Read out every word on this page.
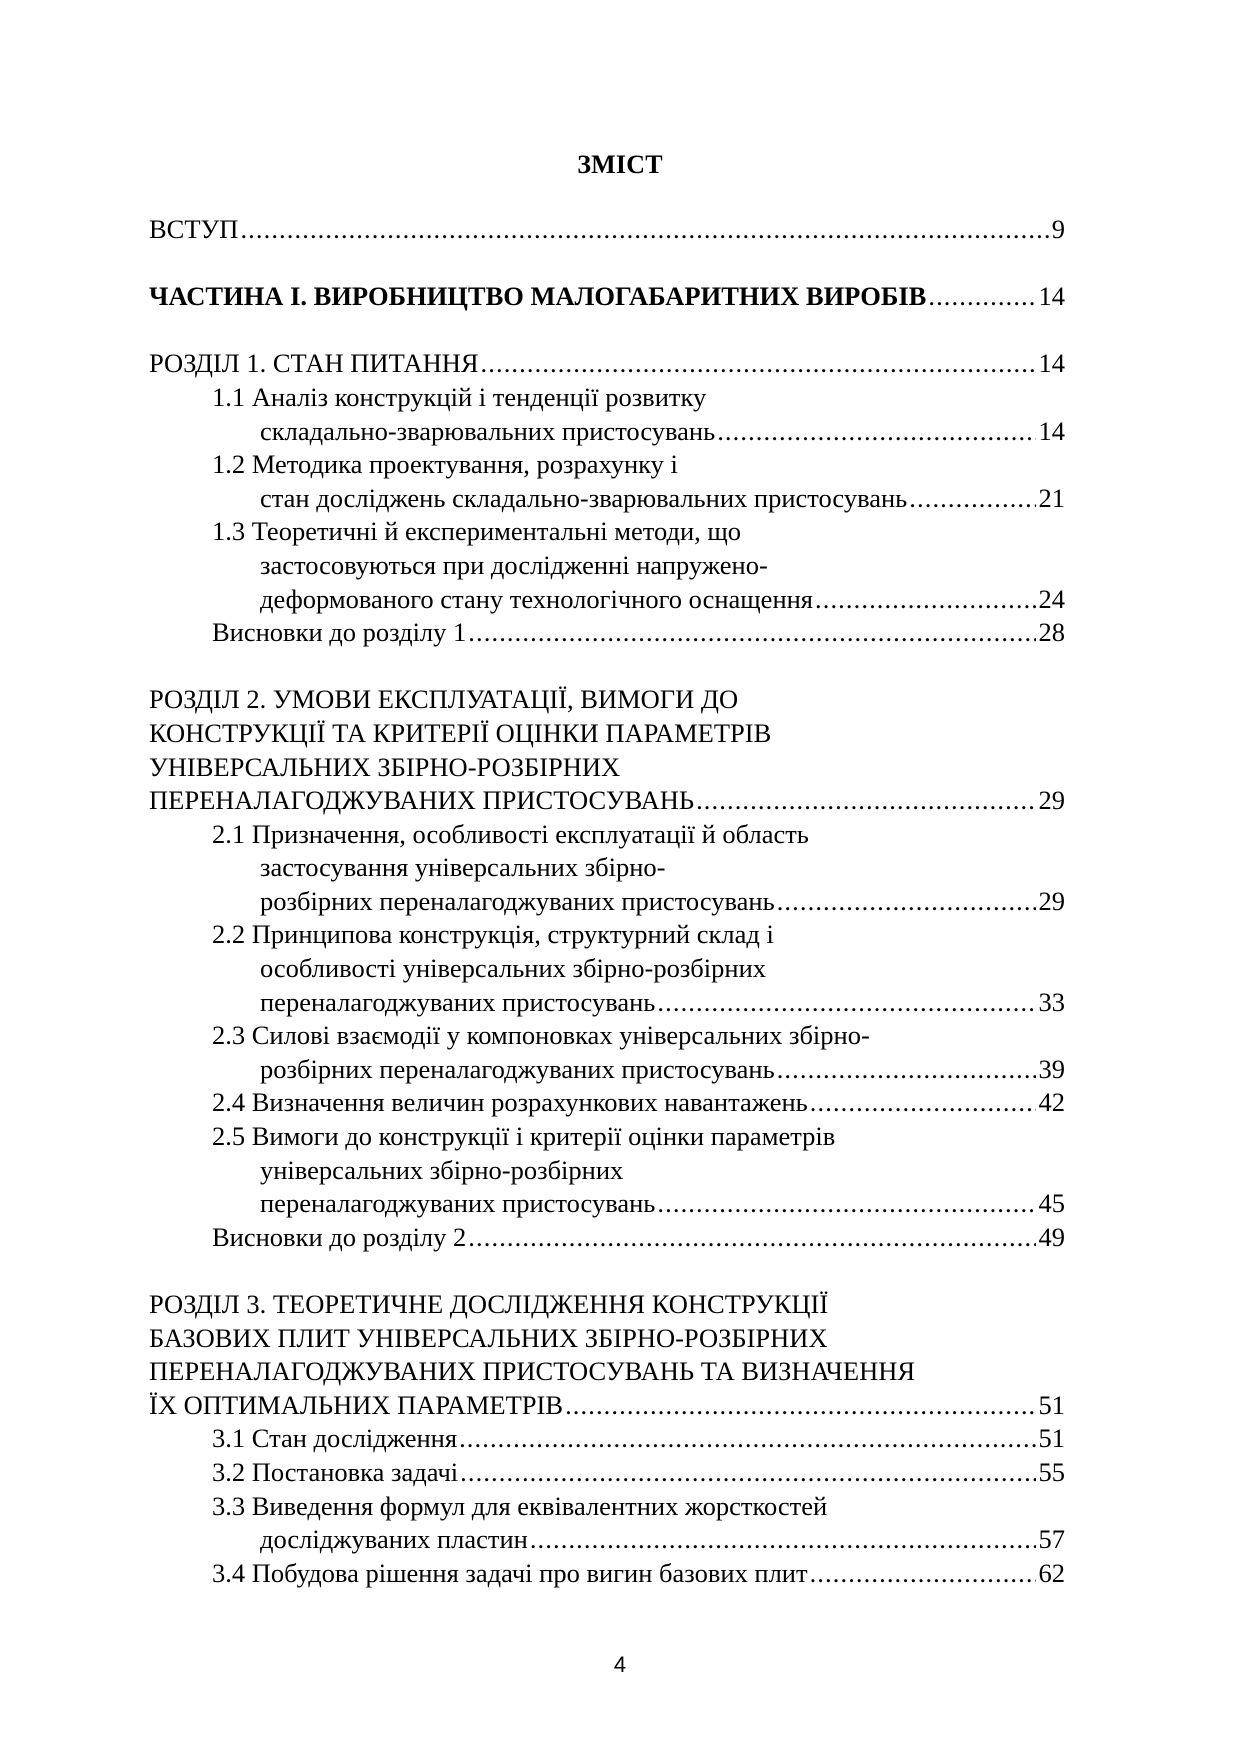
ЗМІСТ
ВСТУП .....	9
ЧАСТИНА І. ВИРОБНИЦТВО МАЛОГАБАРИТНИХ ВИРОБІВ .....	14
РОЗДІЛ 1. СТАН ПИТАННЯ .....	14
1.1 Аналіз конструкцій і тенденції розвитку
складально-зварювальних пристосувань .....	14
1.2 Методика проектування, розрахунку і
стан досліджень складально-зварювальних пристосувань .....	21
1.3 Теоретичні й експериментальні методи, що
застосовуються при дослідженні напружено-
деформованого стану технологічного оснащення .....	24
Висновки до розділу 1 .....	28
РОЗДІЛ 2. УМОВИ ЕКСПЛУАТАЦІЇ, ВИМОГИ ДО
КОНСТРУКЦІЇ ТА КРИТЕРІЇ ОЦІНКИ ПАРАМЕТРІВ
УНІВЕРСАЛЬНИХ ЗБІРНО-РОЗБІРНИХ
ПЕРЕНАЛАГОДЖУВАНИХ ПРИСТОСУВАНЬ .....	29
2.1 Призначення, особливості експлуатації й область
застосування універсальних збірно-
розбірних переналагоджуваних пристосувань .....	29
2.2 Принципова конструкція, структурний склад і
особливості універсальних збірно-розбірних
переналагоджуваних пристосувань .....	33
2.3 Силові взаємодії у компоновках універсальних збірно-
розбірних переналагоджуваних пристосувань .....	39
2.4 Визначення величин розрахункових навантажень .....	42
2.5 Вимоги до конструкції і критерії оцінки параметрів
універсальних збірно-розбірних
переналагоджуваних пристосувань .....	45
Висновки до розділу 2 .....	49
РОЗДІЛ 3. ТЕОРЕТИЧНЕ ДОСЛІДЖЕННЯ КОНСТРУКЦІЇ
БАЗОВИХ ПЛИТ УНІВЕРСАЛЬНИХ ЗБІРНО-РОЗБІРНИХ
ПЕРЕНАЛАГОДЖУВАНИХ ПРИСТОСУВАНЬ ТА ВИЗНАЧЕННЯ
ЇХ ОПТИМАЛЬНИХ ПАРАМЕТРІВ .....	51
3.1 Стан дослідження .....	51
3.2 Постановка задачі .....	55
3.3 Виведення формул для еквівалентних жорсткостей
досліджуваних пластин .....	57
3.4 Побудова рішення задачі про вигин базових плит .....	62
4
